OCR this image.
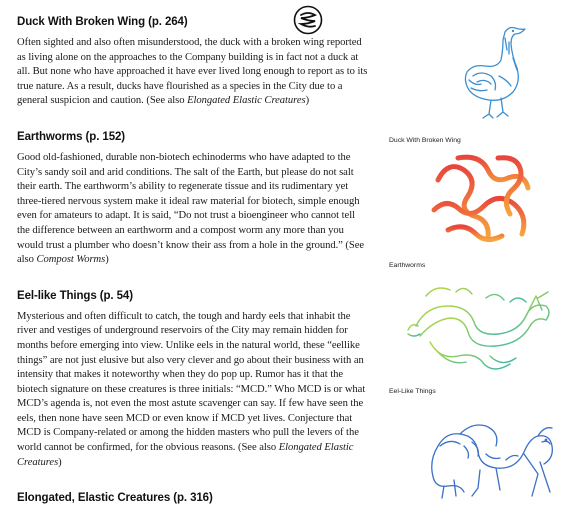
Duck With Broken Wing (p. 264)

Often sighted and also often misunderstood, the duck with a broken wing reported as living alone on the approaches to the Company building is in fact not a duck at all. But none who have approached it have ever lived long enough to report as to its true nature. As a result, ducks have flourished as a species in the City due to a general suspicion and caution. (See also Elongated Elastic Creatures)

Earthworms (p. 152)

Good old-fashioned, durable non-biotech echinoderms who have adapted to the City’s sandy soil and arid conditions. The salt of the Earth, but please do not salt their earth. The earthworm’s ability to regenerate tissue and its rudimentary yet three-tiered nervous system make it ideal raw material for biotech, simple enough even for amateurs to adapt. It is said, “Do not trust a bioengineer who cannot tell the difference between an earthworm and a compost worm any more than you would trust a plumber who doesn’t know their ass from a hole in the ground.” (See also Compost Worms)

Eel-like Things (p. 54)

Mysterious and often difficult to catch, the tough and hardy eels that inhabit the river and vestiges of underground reservoirs of the City may remain hidden for months before emerging into view. Unlike eels in the natural world, these “eellike things” are not just elusive but also very clever and go about their business with an intensity that makes it noteworthy when they do pop up. Rumor has it that the biotech signature on these creatures is three initials: “MCD.” Who MCD is or what MCD’s agenda is, not even the most astute scavenger can say. If few have seen the eels, then none have seen MCD or even know if MCD yet lives. Conjecture that MCD is Company-related or among the hidden masters who pull the levers of the world cannot be confirmed, for the obvious reasons. (See also Elongated Elastic Creatures)

Elongated, Elastic Creatures (p. 316)
Duck With Broken Wing
Earthworms
Eel-Like Things
